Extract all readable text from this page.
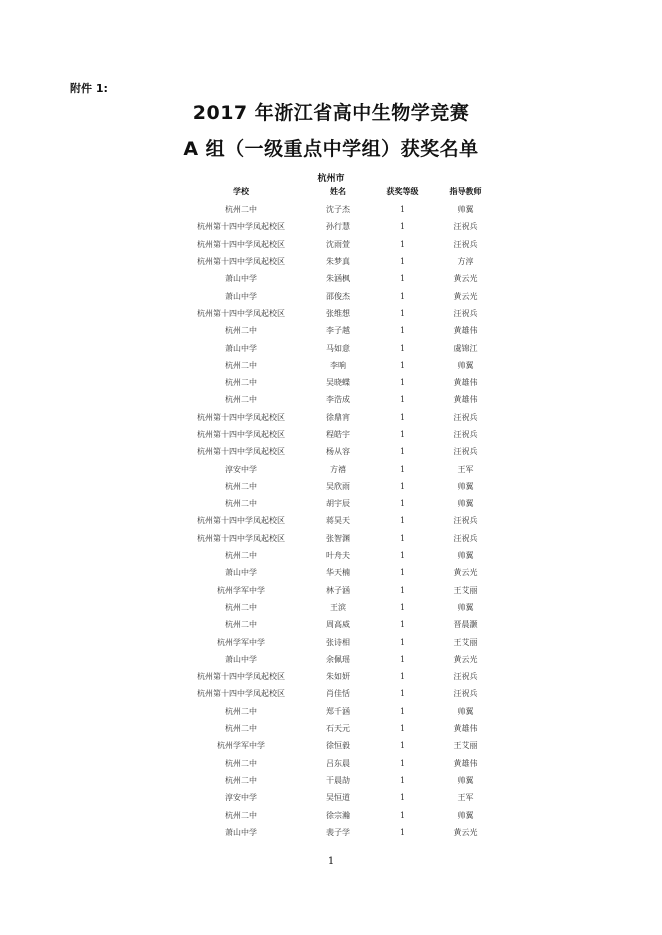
附件 1:
2017 年浙江省高中生物学竞赛
A 组（一级重点中学组）获奖名单
杭州市
学校	姓名	获奖等级	指导教师
杭州二中	沈子杰	1	帅翼
杭州第十四中学凤起校区	孙行慧	1	汪祝兵
杭州第十四中学凤起校区	沈雨萱	1	汪祝兵
杭州第十四中学凤起校区	朱梦真	1	方淳
萧山中学	朱涵枫	1	黄云光
萧山中学	邵俊杰	1	黄云光
杭州第十四中学凤起校区	张维想	1	汪祝兵
杭州二中	李子越	1	黄雄伟
萧山中学	马如意	1	虞锦江
杭州二中	李响	1	帅翼
杭州二中	吴晓蝶	1	黄雄伟
杭州二中	李浩成	1	黄雄伟
杭州第十四中学凤起校区	徐鼎宵	1	汪祝兵
杭州第十四中学凤起校区	程皓宇	1	汪祝兵
杭州第十四中学凤起校区	杨从容	1	汪祝兵
淳安中学	方禧	1	王军
杭州二中	吴欣雨	1	帅翼
杭州二中	胡宇辰	1	帅翼
杭州第十四中学凤起校区	蒋昊天	1	汪祝兵
杭州第十四中学凤起校区	张智渊	1	汪祝兵
杭州二中	叶舟夫	1	帅翼
萧山中学	华天楠	1	黄云光
杭州学军中学	林子涵	1	王艾丽
杭州二中	王滨	1	帅翼
杭州二中	周高威	1	晋晨灏
杭州学军中学	张诗相	1	王艾丽
萧山中学	余佩瑶	1	黄云光
杭州第十四中学凤起校区	朱如妍	1	汪祝兵
杭州第十四中学凤起校区	肖佳恬	1	汪祝兵
杭州二中	郑千涵	1	帅翼
杭州二中	石天元	1	黄雄伟
杭州学军中学	徐恒毅	1	王艾丽
杭州二中	吕东晨	1	黄雄伟
杭州二中	干晨劼	1	帅翼
淳安中学	吴恒道	1	王军
杭州二中	徐宗瀚	1	帅翼
萧山中学	裴子学	1	黄云光
1
